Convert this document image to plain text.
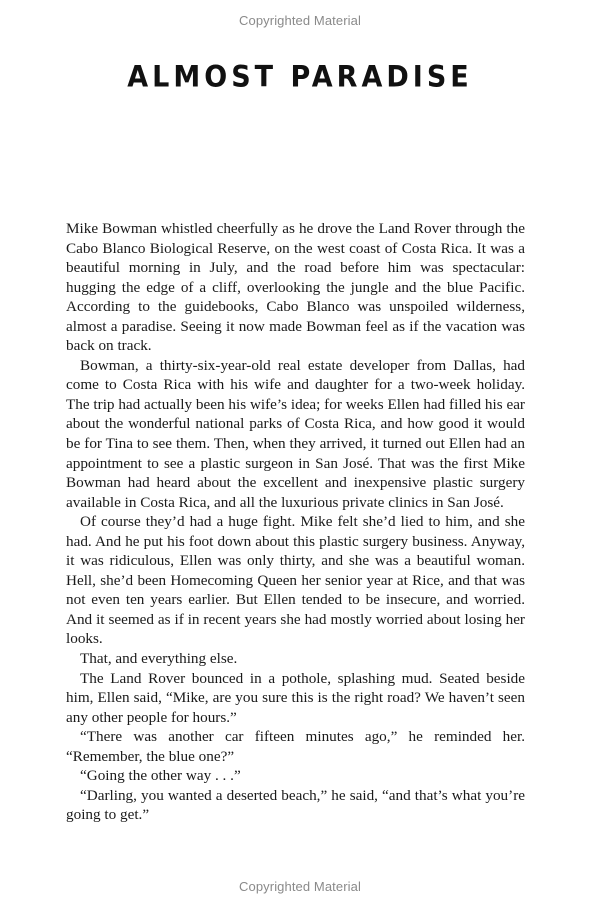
Copyrighted Material
ALMOST PARADISE

Mike Bowman whistled cheerfully as he drove the Land Rover through the Cabo Blanco Biological Reserve, on the west coast of Costa Rica. It was a beautiful morning in July, and the road before him was spectacular: hugging the edge of a cliff, overlooking the jungle and the blue Pacific. According to the guidebooks, Cabo Blanco was unspoiled wilderness, almost a paradise. Seeing it now made Bowman feel as if the vacation was back on track.

Bowman, a thirty-six-year-old real estate developer from Dallas, had come to Costa Rica with his wife and daughter for a two-week holiday. The trip had actually been his wife’s idea; for weeks Ellen had filled his ear about the wonderful national parks of Costa Rica, and how good it would be for Tina to see them. Then, when they arrived, it turned out Ellen had an appointment to see a plastic surgeon in San José. That was the first Mike Bowman had heard about the excellent and inexpensive plastic surgery available in Costa Rica, and all the luxurious private clinics in San José.

Of course they’d had a huge fight. Mike felt she’d lied to him, and she had. And he put his foot down about this plastic surgery business. Anyway, it was ridiculous, Ellen was only thirty, and she was a beautiful woman. Hell, she’d been Homecoming Queen her senior year at Rice, and that was not even ten years earlier. But Ellen tended to be insecure, and worried. And it seemed as if in recent years she had mostly worried about losing her looks.

That, and everything else.

The Land Rover bounced in a pothole, splashing mud. Seated beside him, Ellen said, “Mike, are you sure this is the right road? We haven’t seen any other people for hours.”

“There was another car fifteen minutes ago,” he reminded her. “Remember, the blue one?”

“Going the other way . . .”

“Darling, you wanted a deserted beach,” he said, “and that’s what you’re going to get.”

Copyrighted Material
